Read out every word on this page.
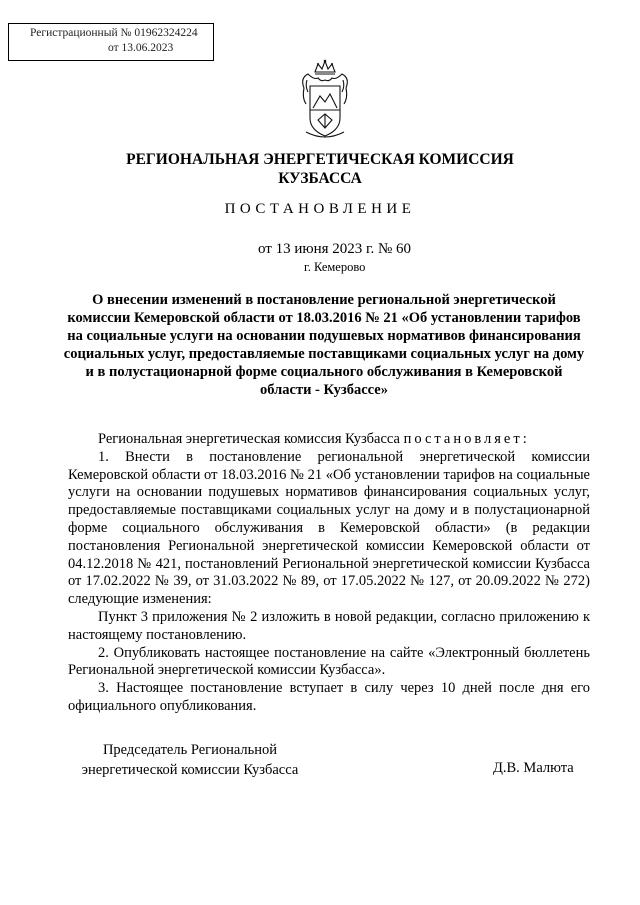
Регистрационный № 01962324224
от 13.06.2023
РЕГИОНАЛЬНАЯ ЭНЕРГЕТИЧЕСКАЯ КОМИССИЯ
КУЗБАССА
ПОСТАНОВЛЕНИЕ
от 13 июня 2023 г. № 60
г. Кемерово
О внесении изменений в постановление региональной энергетической комиссии Кемеровской области от 18.03.2016 № 21 «Об установлении тарифов на социальные услуги на основании подушевых нормативов финансирования социальных услуг, предоставляемые поставщиками социальных услуг на дому и в полустационарной форме социального обслуживания в Кемеровской области - Кузбассе»

Региональная энергетическая комиссия Кузбасса постановляет:

1. Внести в постановление региональной энергетической комиссии Кемеровской области от 18.03.2016 № 21 «Об установлении тарифов на социальные услуги на основании подушевых нормативов финансирования социальных услуг, предоставляемые поставщиками социальных услуг на дому и в полустационарной форме социального обслуживания в Кемеровской области» (в редакции постановления Региональной энергетической комиссии Кемеровской области от 04.12.2018 № 421, постановлений Региональной энергетической комиссии Кузбасса от 17.02.2022 № 39, от 31.03.2022 № 89, от 17.05.2022 № 127, от 20.09.2022 № 272) следующие изменения:

Пункт 3 приложения № 2 изложить в новой редакции, согласно приложению к настоящему постановлению.

2. Опубликовать настоящее постановление на сайте «Электронный бюллетень Региональной энергетической комиссии Кузбасса».

3. Настоящее постановление вступает в силу через 10 дней после дня его официального опубликования.

Председатель Региональной
энергетической комиссии Кузбасса	Д.В. Малюта
